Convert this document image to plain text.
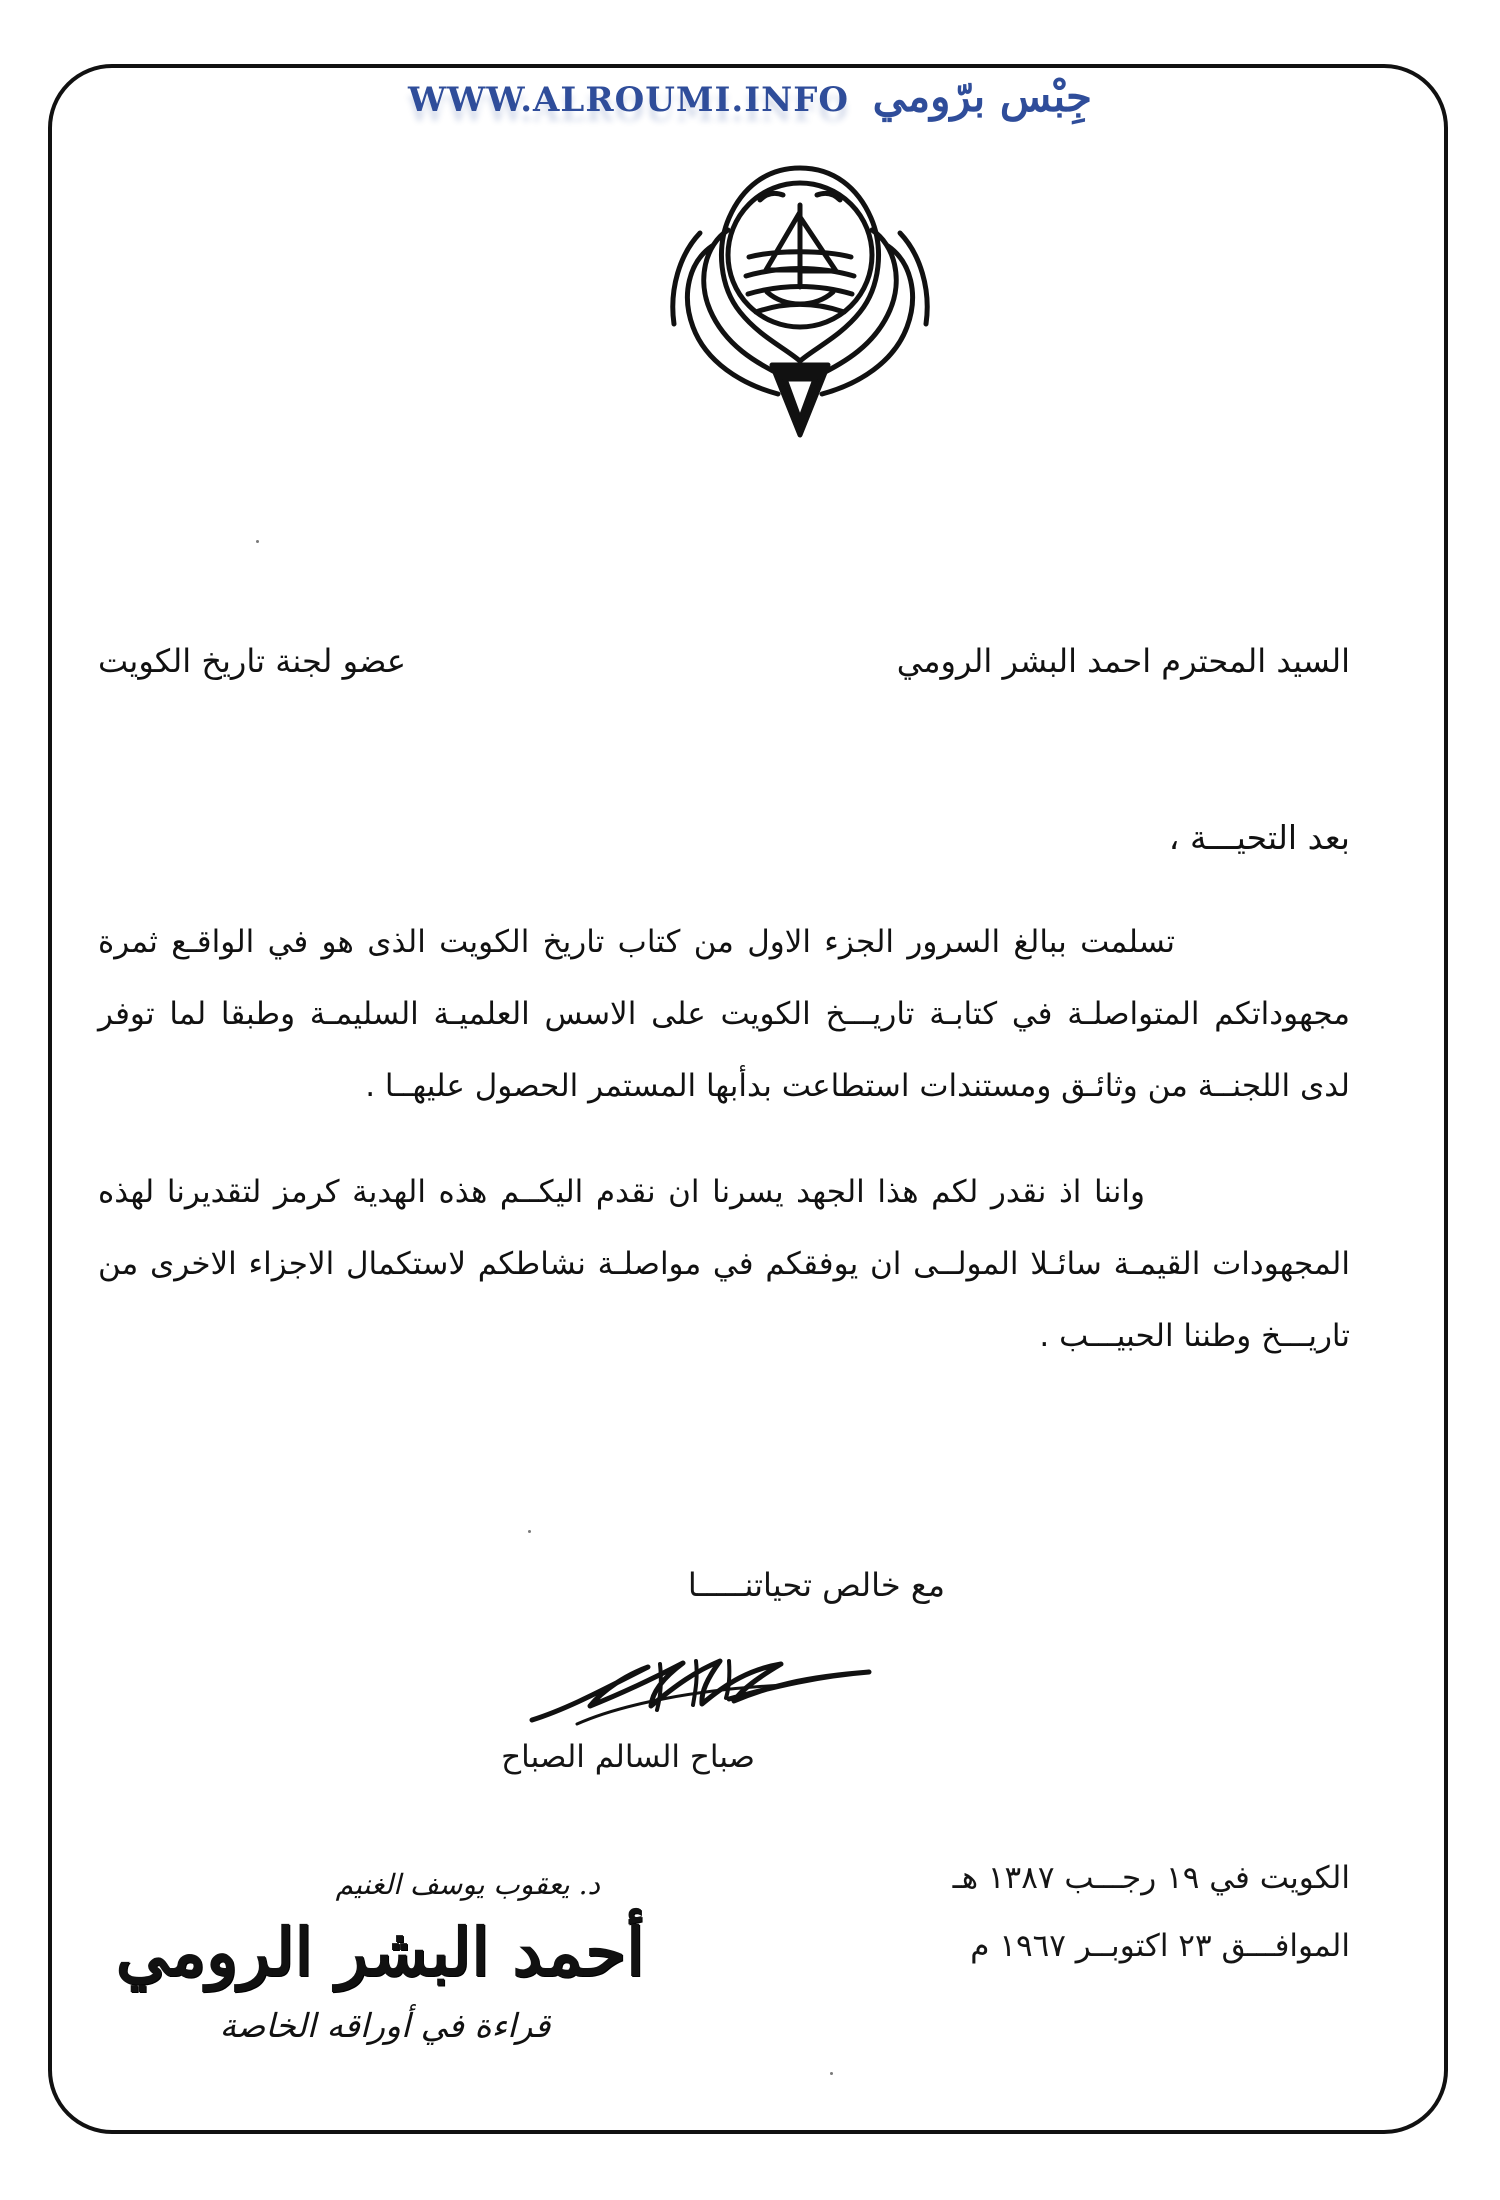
WWW.ALROUMI.INFO جِبْس برّومي
السيد المحترم احمد البشر الرومي
عضو لجنة تاريخ الكويت
بعد التحيـــة ،

تسلمت ببالغ السرور الجزء الاول من كتاب تاريخ الكويت الذى هو في الواقـع ثمرة مجهوداتكم المتواصلـة في كتابـة تاريـــخ الكويت على الاسس العلميـة السليمـة وطبقا لما توفر لدى اللجنــة من وثائـق ومستندات استطاعت بدأبها المستمر الحصول عليهــا .

واننا اذ نقدر لكم هذا الجهد يسرنا ان نقدم اليكــم هذه الهدية كرمز لتقديرنا لهذه المجهودات القيمـة سائـلا المولــى ان يوفقكم في مواصلـة نشاطكم لاستكمال الاجزاء الاخرى من تاريـــخ وطننا الحبيـــب .

مع خالص تحياتنـــــا
صباح السالم الصباح
الكويت في ١٩ رجـــب ١٣٨٧ هـ
الموافـــق ٢٣ اكتوبــر ١٩٦٧ م
د. يعقوب يوسف الغنيم
أحمد البشر الرومي
قراءة في أوراقه الخاصة
